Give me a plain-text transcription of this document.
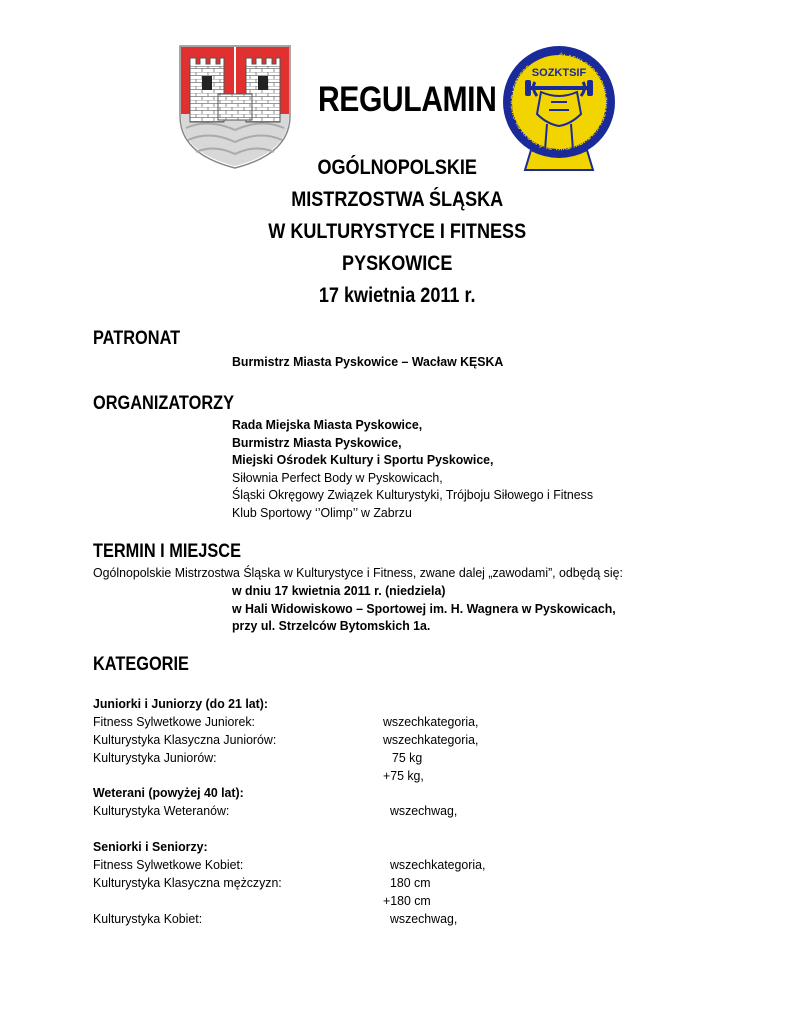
ŚLĄSKI OKRĘGOWY ZWIĄZEK KULTURYSTYKI, TRÓJBOJU SIŁOWEGO I FITNESS SOZKTSIF
REGULAMIN
OGÓLNOPOLSKIE
MISTRZOSTWA ŚLĄSKA
W KULTURYSTYCE I FITNESS
PYSKOWICE
17 kwietnia 2011 r.
PATRONAT
Burmistrz Miasta Pyskowice – Wacław KĘSKA
ORGANIZATORZY
Rada Miejska Miasta Pyskowice,
Burmistrz Miasta Pyskowice,
Miejski Ośrodek Kultury i Sportu Pyskowice,
Siłownia Perfect Body w Pyskowicach,
Śląski Okręgowy Związek Kulturystyki, Trójboju Siłowego i Fitness
Klub Sportowy ‘’Olimp’’ w Zabrzu
TERMIN I MIEJSCE
Ogólnopolskie Mistrzostwa Śląska w Kulturystyce i Fitness, zwane dalej „zawodami”, odbędą się:
w dniu 17 kwietnia 2011 r. (niedziela)
w Hali Widowiskowo – Sportowej im. H. Wagnera w Pyskowicach,
przy ul. Strzelców Bytomskich 1a.
KATEGORIE
Juniorki i Juniorzy (do 21 lat):
Fitness Sylwetkowe Juniorek:	wszechkategoria,
Kulturystyka Klasyczna Juniorów:	wszechkategoria,
Kulturystyka Juniorów:	75 kg
+75 kg,
Weterani (powyżej 40 lat):
Kulturystyka Weteranów:	wszechwag,
Seniorki i Seniorzy:
Fitness Sylwetkowe Kobiet:	wszechkategoria,
Kulturystyka Klasyczna mężczyzn:	180 cm
+180 cm
Kulturystyka Kobiet:	wszechwag,
